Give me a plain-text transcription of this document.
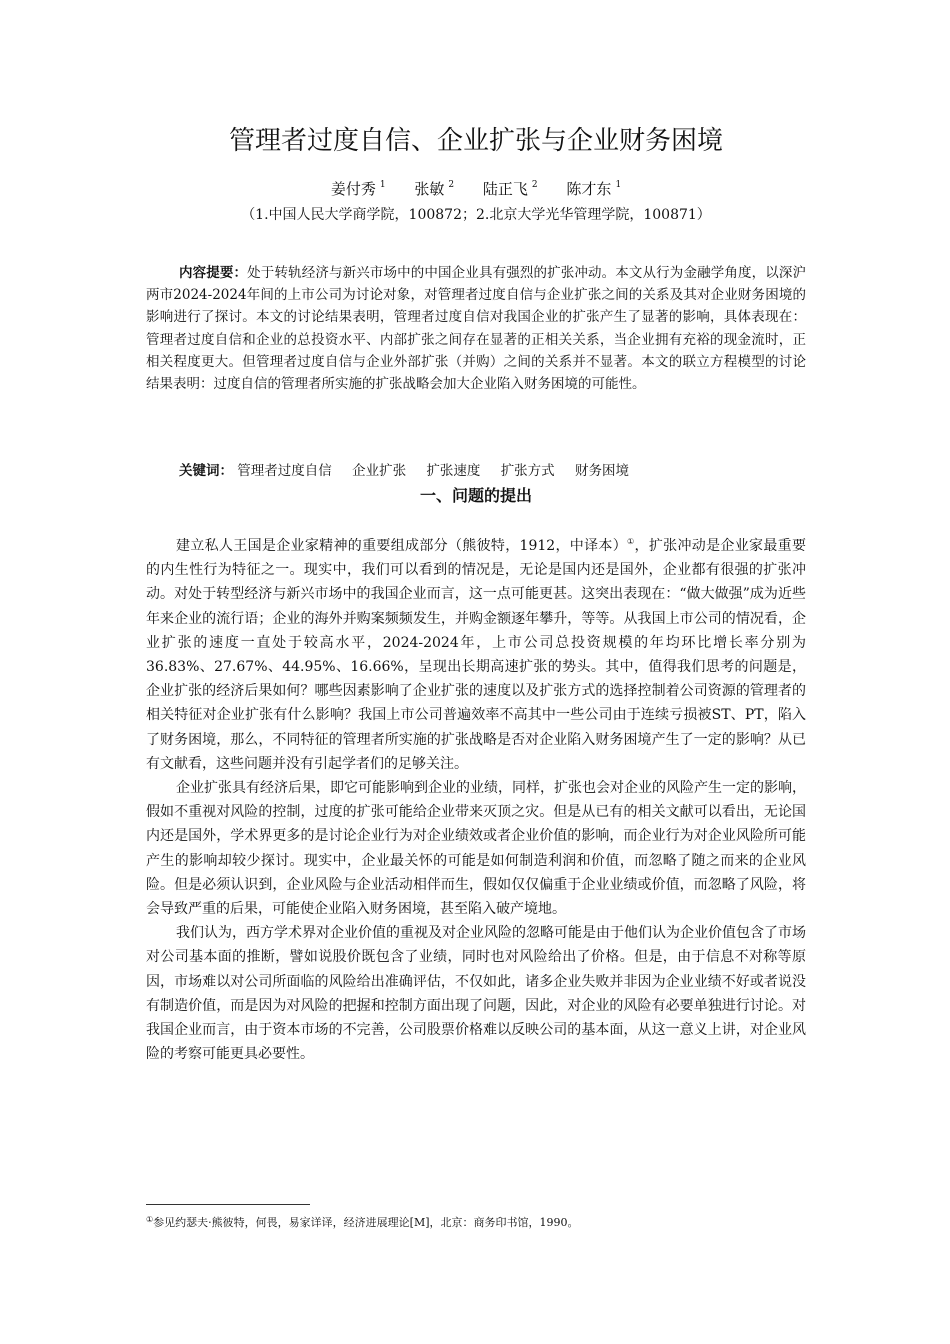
管理者过度自信、企业扩张与企业财务困境
姜付秀 $^1$ 张敏 $^2$ 陆正飞 $^2$ 陈才东 $^1$
（1.中国人民大学商学院，100872；2.北京大学光华管理学院，100871）

内容提要：处于转轨经济与新兴市场中的中国企业具有强烈的扩张冲动。本文从行为金融学角度，以深沪两市2024-2024年间的上市公司为讨论对象，对管理者过度自信与企业扩张之间的关系及其对企业财务困境的影响进行了探讨。本文的讨论结果表明，管理者过度自信对我国企业的扩张产生了显著的影响，具体表现在：管理者过度自信和企业的总投资水平、内部扩张之间存在显著的正相关关系，当企业拥有充裕的现金流时，正相关程度更大。但管理者过度自信与企业外部扩张（并购）之间的关系并不显著。本文的联立方程模型的讨论结果表明：过度自信的管理者所实施的扩张战略会加大企业陷入财务困境的可能性。

关键词： 管理者过度自信 企业扩张 扩张速度 扩张方式 财务困境
一、问题的提出

建立私人王国是企业家精神的重要组成部分（熊彼特，1912，中译本）①，扩张冲动是企业家最重要的内生性行为特征之一。现实中，我们可以看到的情况是，无论是国内还是国外，企业都有很强的扩张冲动。对处于转型经济与新兴市场中的我国企业而言，这一点可能更甚。这突出表现在：“做大做强”成为近些年来企业的流行语；企业的海外并购案频频发生，并购金额逐年攀升，等等。从我国上市公司的情况看，企业扩张的速度一直处于较高水平，2024-2024年，上市公司总投资规模的年均环比增长率分别为36.83%、27.67%、44.95%、16.66%，呈现出长期高速扩张的势头。其中，值得我们思考的问题是，企业扩张的经济后果如何？哪些因素影响了企业扩张的速度以及扩张方式的选择控制着公司资源的管理者的相关特征对企业扩张有什么影响？我国上市公司普遍效率不高其中一些公司由于连续亏损被ST、PT，陷入了财务困境，那么，不同特征的管理者所实施的扩张战略是否对企业陷入财务困境产生了一定的影响？从已有文献看，这些问题并没有引起学者们的足够关注。

企业扩张具有经济后果，即它可能影响到企业的业绩，同样，扩张也会对企业的风险产生一定的影响，假如不重视对风险的控制，过度的扩张可能给企业带来灭顶之灾。但是从已有的相关文献可以看出，无论国内还是国外，学术界更多的是讨论企业行为对企业绩效或者企业价值的影响，而企业行为对企业风险所可能产生的影响却较少探讨。现实中，企业最关怀的可能是如何制造利润和价值，而忽略了随之而来的企业风险。但是必须认识到，企业风险与企业活动相伴而生，假如仅仅偏重于企业业绩或价值，而忽略了风险，将会导致严重的后果，可能使企业陷入财务困境，甚至陷入破产境地。

我们认为，西方学术界对企业价值的重视及对企业风险的忽略可能是由于他们认为企业价值包含了市场对公司基本面的推断，譬如说股价既包含了业绩，同时也对风险给出了价格。但是，由于信息不对称等原因，市场难以对公司所面临的风险给出准确评估，不仅如此，诸多企业失败并非因为企业业绩不好或者说没有制造价值，而是因为对风险的把握和控制方面出现了问题，因此，对企业的风险有必要单独进行讨论。对我国企业而言，由于资本市场的不完善，公司股票价格难以反映公司的基本面，从这一意义上讲，对企业风险的考察可能更具必要性。

①参见约瑟夫·熊彼特，何畏，易家详译，经济进展理论[M]，北京：商务印书馆，1990。
